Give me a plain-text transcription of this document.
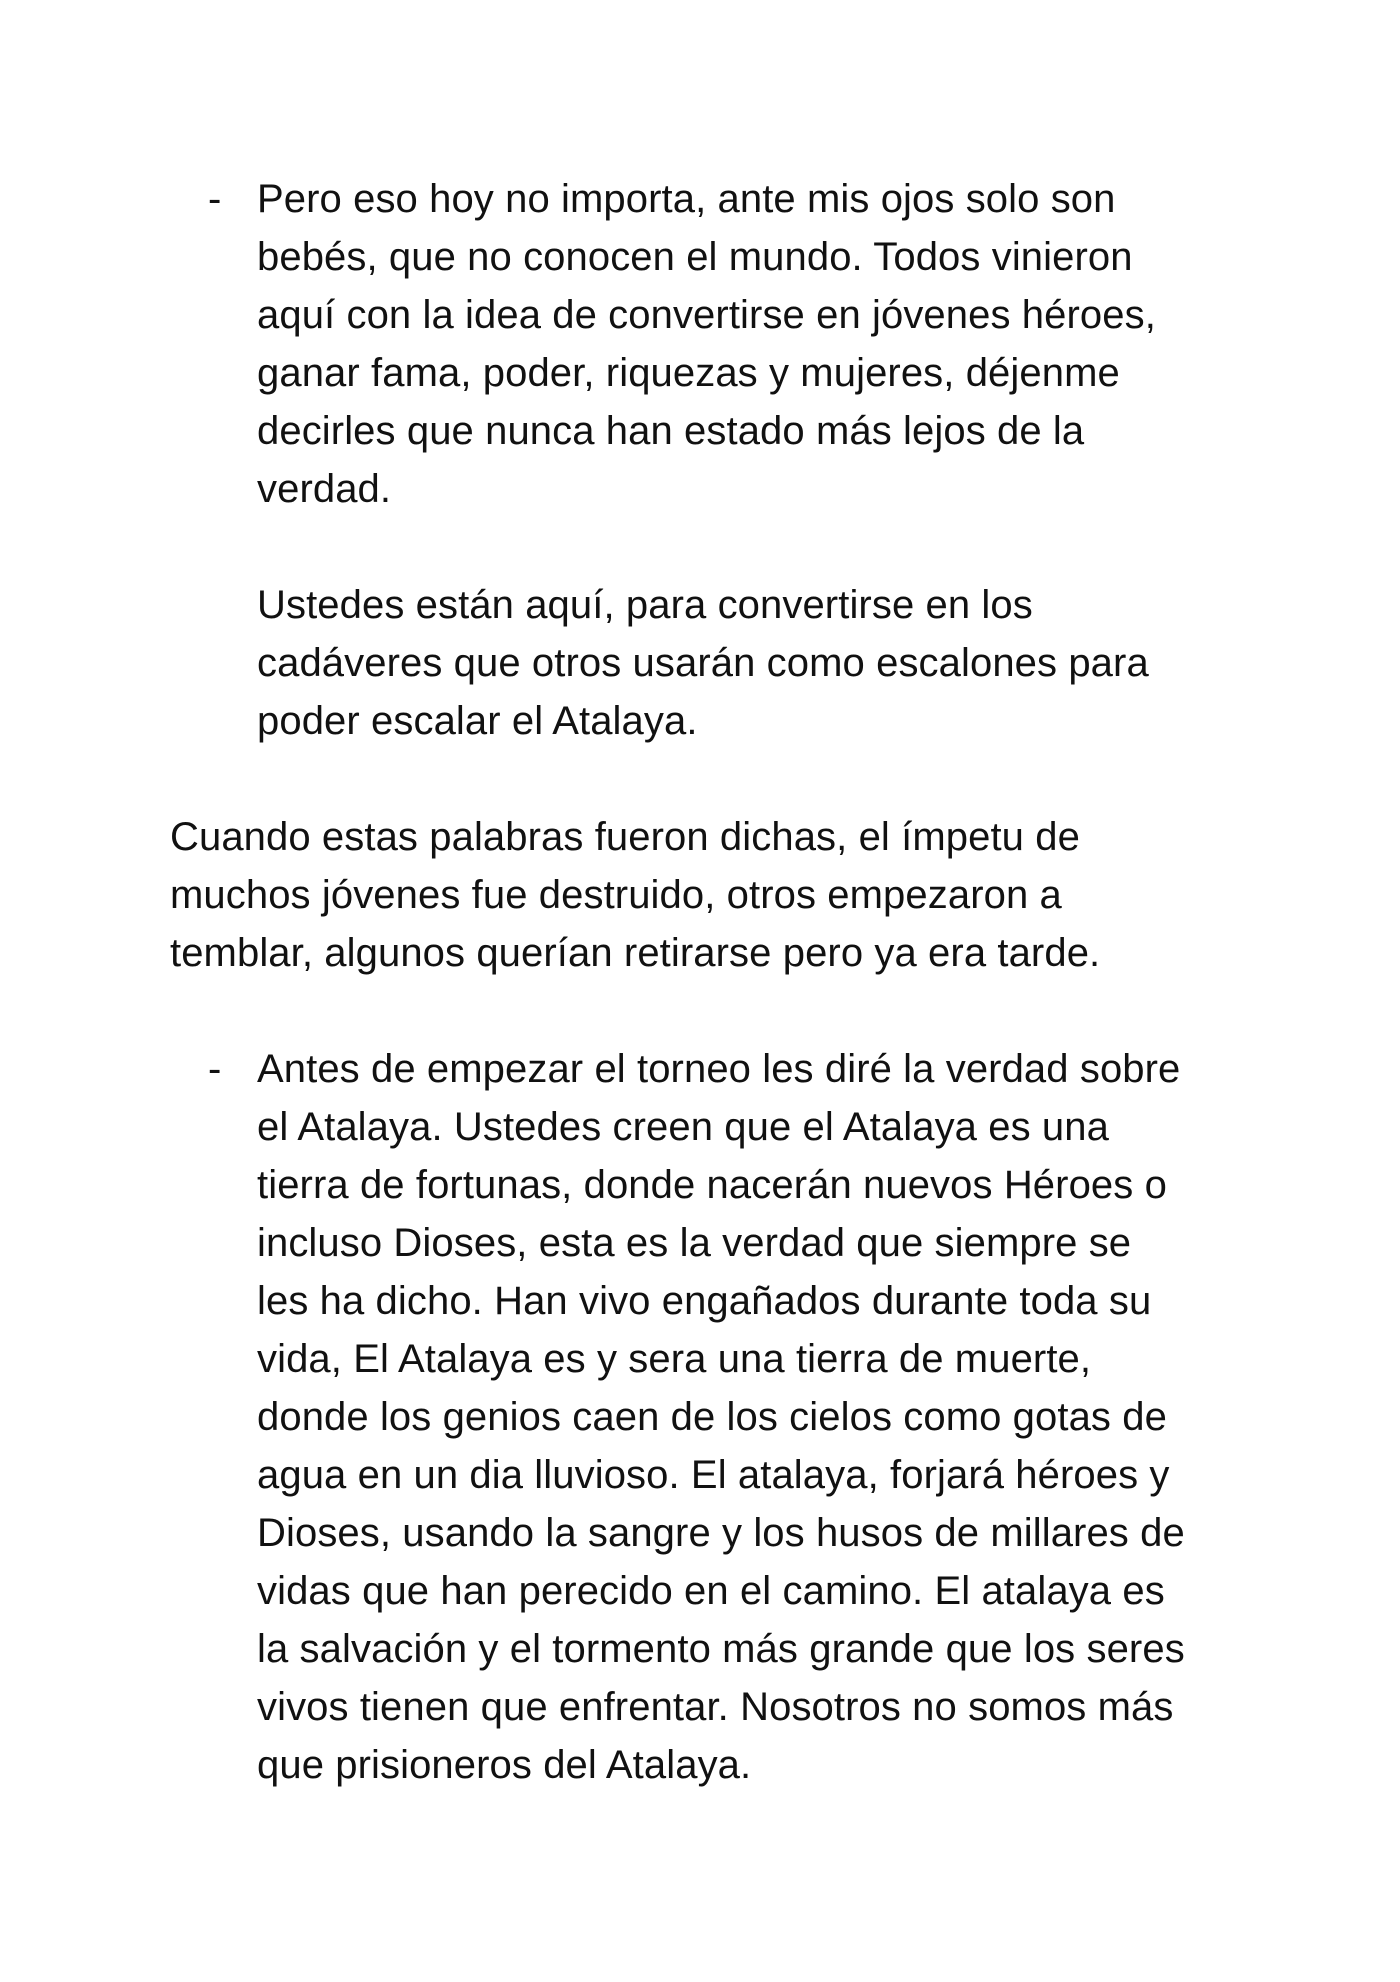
- Pero eso hoy no importa, ante mis ojos solo son
bebés, que no conocen el mundo. Todos vinieron
aquí con la idea de convertirse en jóvenes héroes,
ganar fama, poder, riquezas y mujeres, déjenme
decirles que nunca han estado más lejos de la
verdad.
Ustedes están aquí, para convertirse en los
cadáveres que otros usarán como escalones para
poder escalar el Atalaya.
Cuando estas palabras fueron dichas, el ímpetu de
muchos jóvenes fue destruido, otros empezaron a
temblar, algunos querían retirarse pero ya era tarde.
- Antes de empezar el torneo les diré la verdad sobre
el Atalaya. Ustedes creen que el Atalaya es una
tierra de fortunas, donde nacerán nuevos Héroes o
incluso Dioses, esta es la verdad que siempre se
les ha dicho. Han vivo engañados durante toda su
vida, El Atalaya es y sera una tierra de muerte,
donde los genios caen de los cielos como gotas de
agua en un dia lluvioso. El atalaya, forjará héroes y
Dioses, usando la sangre y los husos de millares de
vidas que han perecido en el camino. El atalaya es
la salvación y el tormento más grande que los seres
vivos tienen que enfrentar. Nosotros no somos más
que prisioneros del Atalaya.
